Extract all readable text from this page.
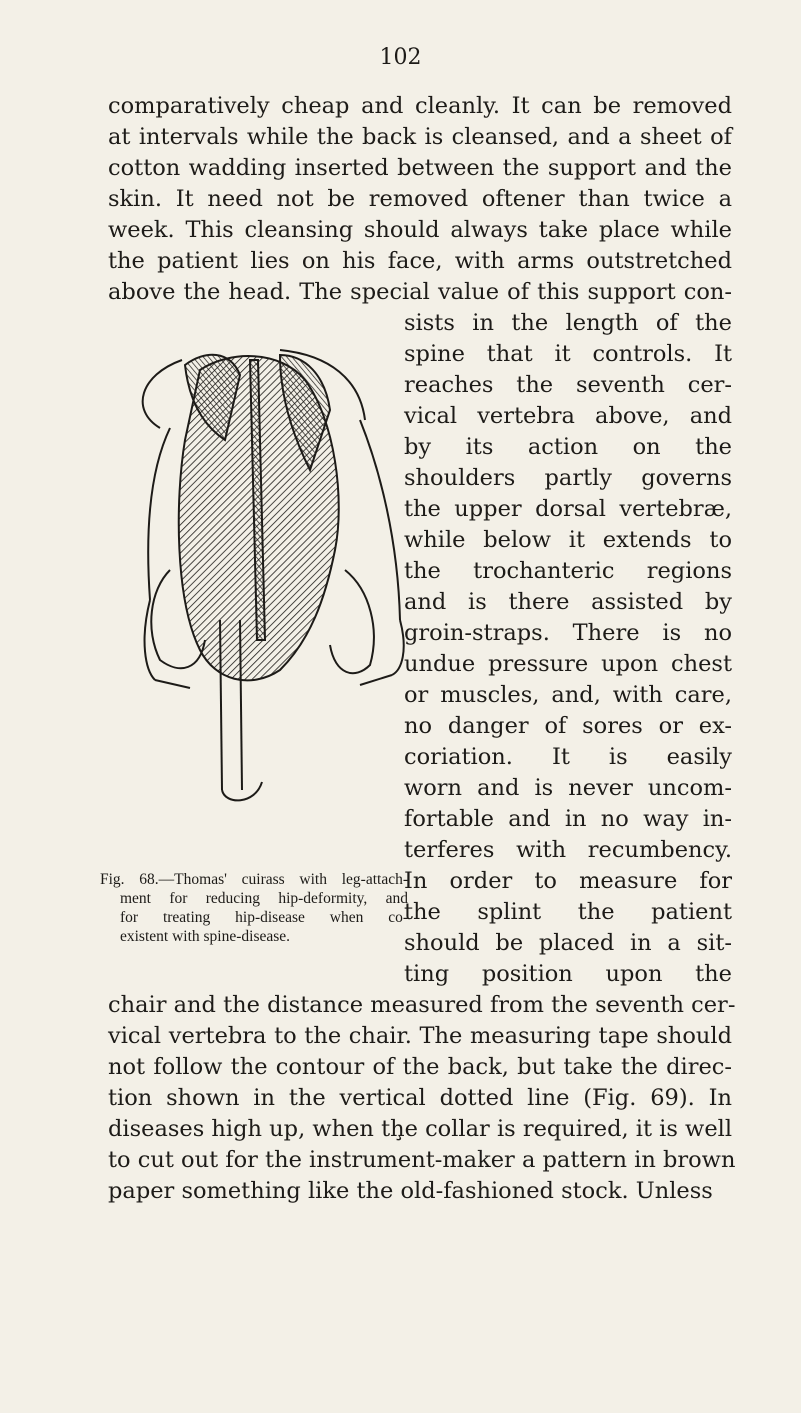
102
comparatively cheap and cleanly. It can be removed
at intervals while the back is cleansed, and a sheet of
cotton wadding inserted between the support and the
skin. It need not be removed oftener than twice a
week. This cleansing should always take place while
the patient lies on his face, with arms outstretched
above the head. The special value of this support con-
sists in the length of the
spine that it controls. It
reaches the seventh cer-
vical vertebra above, and
by its action on the
shoulders partly governs
the upper dorsal vertebræ,
while below it extends to
the trochanteric regions
and is there assisted by
groin-straps. There is no
undue pressure upon chest
or muscles, and, with care,
no danger of sores or ex-
coriation. It is easily
worn and is never uncom-
fortable and in no way in-
terferes with recumbency.
In order to measure for
the splint the patient
should be placed in a sit-
ting position upon the
Fig. 68.—Thomas' cuirass with leg-attach-
ment for reducing hip-deformity, and
for treating hip-disease when co-
existent with spine-disease.
chair and the distance measured from the seventh cer-
vical vertebra to the chair. The measuring tape should
not follow the contour of the back, but take the direc-
tion shown in the vertical dotted line (Fig. 69). In
diseases high up, when tḩe collar is required, it is well
to cut out for the instrument-maker a pattern in brown
paper something like the old-fashioned stock. Unless
